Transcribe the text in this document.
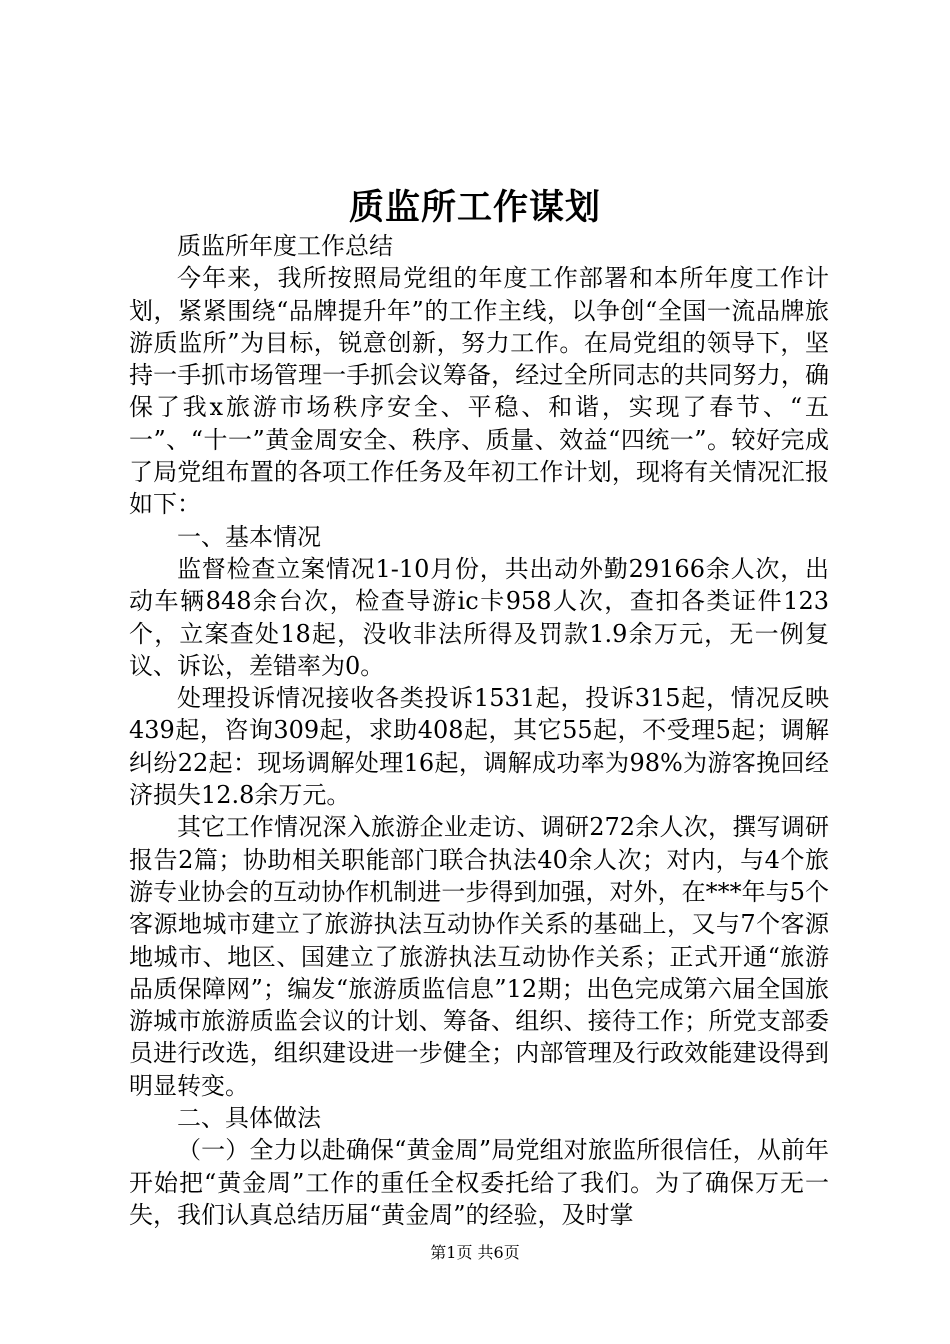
质监所工作谋划

质监所年度工作总结

今年来，我所按照局党组的年度工作部署和本所年度工作计划，紧紧围绕“品牌提升年”的工作主线，以争创“全国一流品牌旅游质监所”为目标，锐意创新，努力工作。在局党组的领导下，坚持一手抓市场管理一手抓会议筹备，经过全所同志的共同努力，确保了我x旅游市场秩序安全、平稳、和谐，实现了春节、“五一”、“十一”黄金周安全、秩序、质量、效益“四统一”。较好完成了局党组布置的各项工作任务及年初工作计划，现将有关情况汇报如下：

一、基本情况

监督检查立案情况1-10月份，共出动外勤29166余人次，出动车辆848余台次，检查导游ic卡958人次，查扣各类证件123个，立案查处18起，没收非法所得及罚款1.9余万元，无一例复议、诉讼，差错率为0。

处理投诉情况接收各类投诉1531起，投诉315起，情况反映439起，咨询309起，求助408起，其它55起，不受理5起；调解纠纷22起：现场调解处理16起，调解成功率为98%为游客挽回经济损失12.8余万元。

其它工作情况深入旅游企业走访、调研272余人次，撰写调研报告2篇；协助相关职能部门联合执法40余人次；对内，与4个旅游专业协会的互动协作机制进一步得到加强，对外，在***年与5个客源地城市建立了旅游执法互动协作关系的基础上，又与7个客源地城市、地区、国建立了旅游执法互动协作关系；正式开通“旅游品质保障网”；编发“旅游质监信息”12期；出色完成第六届全国旅游城市旅游质监会议的计划、筹备、组织、接待工作；所党支部委员进行改选，组织建设进一步健全；内部管理及行政效能建设得到明显转变。

二、具体做法

（一）全力以赴确保“黄金周”局党组对旅监所很信任，从前年开始把“黄金周”工作的重任全权委托给了我们。为了确保万无一失，我们认真总结历届“黄金周”的经验，及时掌

第1页 共6页
